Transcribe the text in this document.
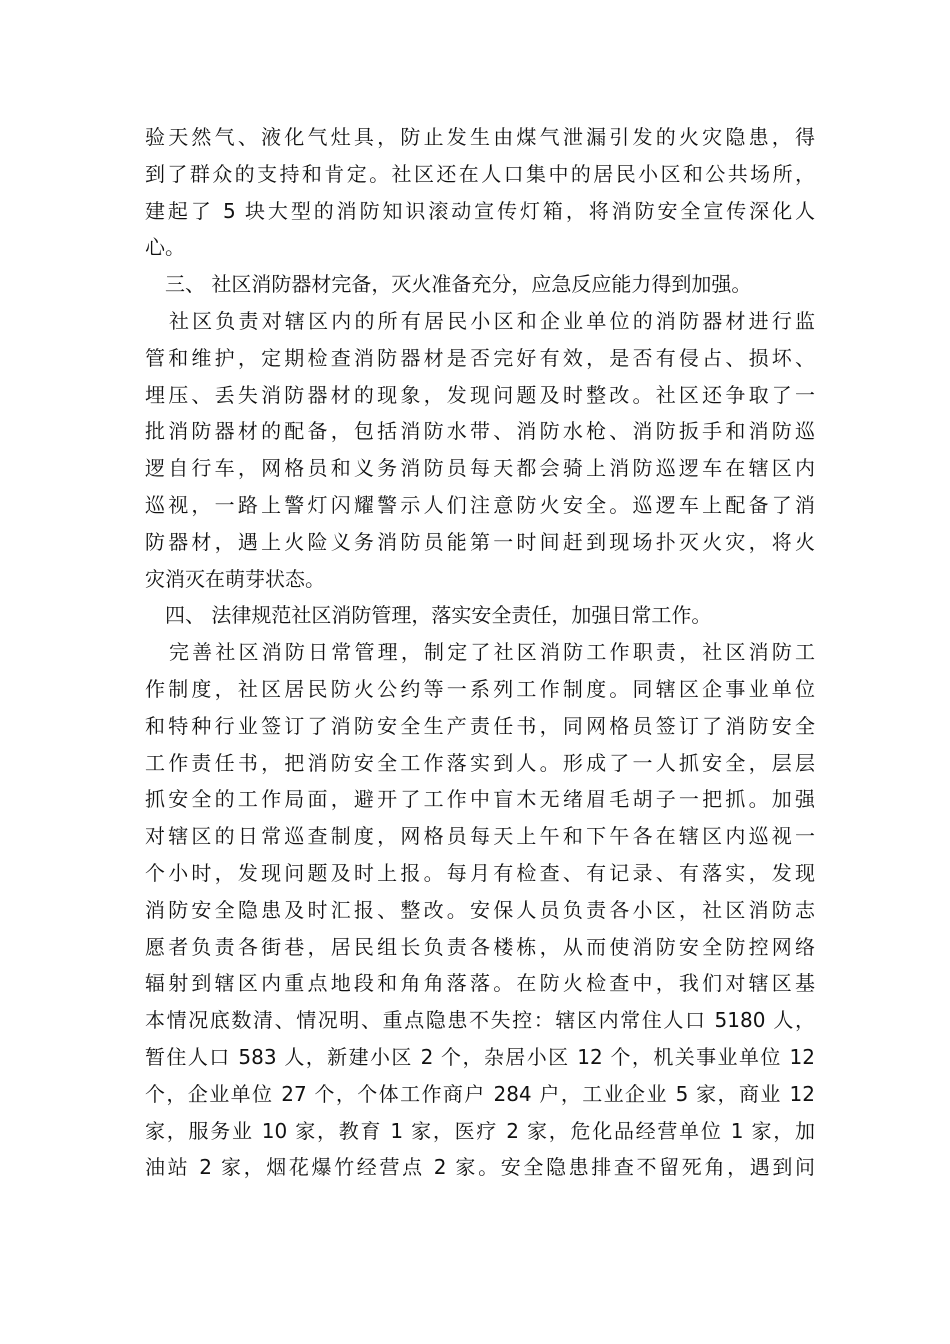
验天然气、液化气灶具，防止发生由煤气泄漏引发的火灾隐患，得
到了群众的支持和肯定。社区还在人口集中的居民小区和公共场所，
建起了 5 块大型的消防知识滚动宣传灯箱，将消防安全宣传深化人
心。
三、 社区消防器材完备，灭火准备充分，应急反应能力得到加强。
社区负责对辖区内的所有居民小区和企业单位的消防器材进行监
管和维护，定期检查消防器材是否完好有效，是否有侵占、损坏、
埋压、丢失消防器材的现象，发现问题及时整改。社区还争取了一
批消防器材的配备，包括消防水带、消防水枪、消防扳手和消防巡
逻自行车，网格员和义务消防员每天都会骑上消防巡逻车在辖区内
巡视，一路上警灯闪耀警示人们注意防火安全。巡逻车上配备了消
防器材，遇上火险义务消防员能第一时间赶到现场扑灭火灾，将火
灾消灭在萌芽状态。
四、 法律规范社区消防管理，落实安全责任，加强日常工作。
完善社区消防日常管理，制定了社区消防工作职责，社区消防工
作制度，社区居民防火公约等一系列工作制度。同辖区企事业单位
和特种行业签订了消防安全生产责任书，同网格员签订了消防安全
工作责任书，把消防安全工作落实到人。形成了一人抓安全，层层
抓安全的工作局面，避开了工作中盲木无绪眉毛胡子一把抓。加强
对辖区的日常巡查制度，网格员每天上午和下午各在辖区内巡视一
个小时，发现问题及时上报。每月有检查、有记录、有落实，发现
消防安全隐患及时汇报、整改。安保人员负责各小区，社区消防志
愿者负责各街巷，居民组长负责各楼栋，从而使消防安全防控网络
辐射到辖区内重点地段和角角落落。在防火检查中，我们对辖区基
本情况底数清、情况明、重点隐患不失控：辖区内常住人口 5180 人，
暂住人口 583 人，新建小区 2 个，杂居小区 12 个，机关事业单位 12
个，企业单位 27 个，个体工作商户 284 户，工业企业 5 家，商业 12
家，服务业 10 家，教育 1 家，医疗 2 家，危化品经营单位 1 家，加
油站 2 家，烟花爆竹经营点 2 家。安全隐患排查不留死角，遇到问
